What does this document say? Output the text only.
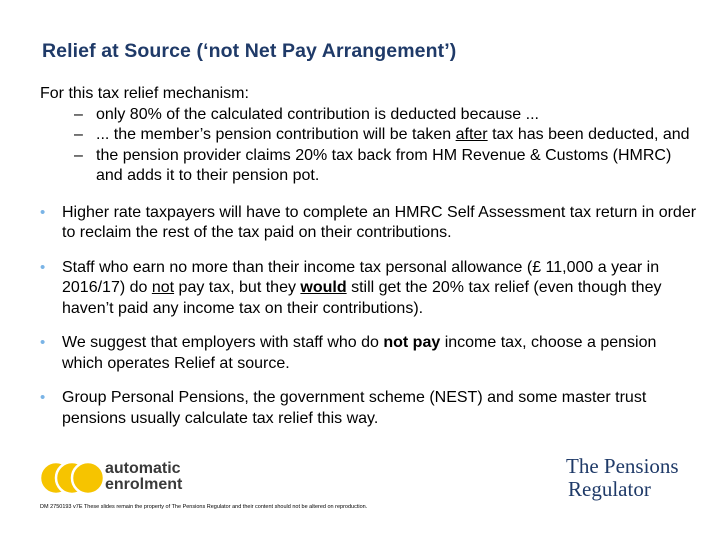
Relief at Source (‘not Net Pay Arrangement’)

For this tax relief mechanism:

– only 80% of the calculated contribution is deducted because ...
– ... the member’s pension contribution will be taken after tax has been deducted, and
– the pension provider claims 20% tax back from HM Revenue & Customs (HMRC) and adds it to their pension pot.
• Higher rate taxpayers will have to complete an HMRC Self Assessment tax return in order to reclaim the rest of the tax paid on their contributions.
• Staff who earn no more than their income tax personal allowance (£ 11,000 a year in 2016/17) do not pay tax, but they would still get the 20% tax relief (even though they haven’t paid any income tax on their contributions).
• We suggest that employers with staff who do not pay income tax, choose a pension which operates Relief at source.
• Group Personal Pensions, the government scheme (NEST) and some master trust pensions usually calculate tax relief this way.
automatic
enrolment
The Pensions
Regulator
DM 2750193 v7E These slides remain the property of The Pensions Regulator and their content should not be altered on reproduction.
